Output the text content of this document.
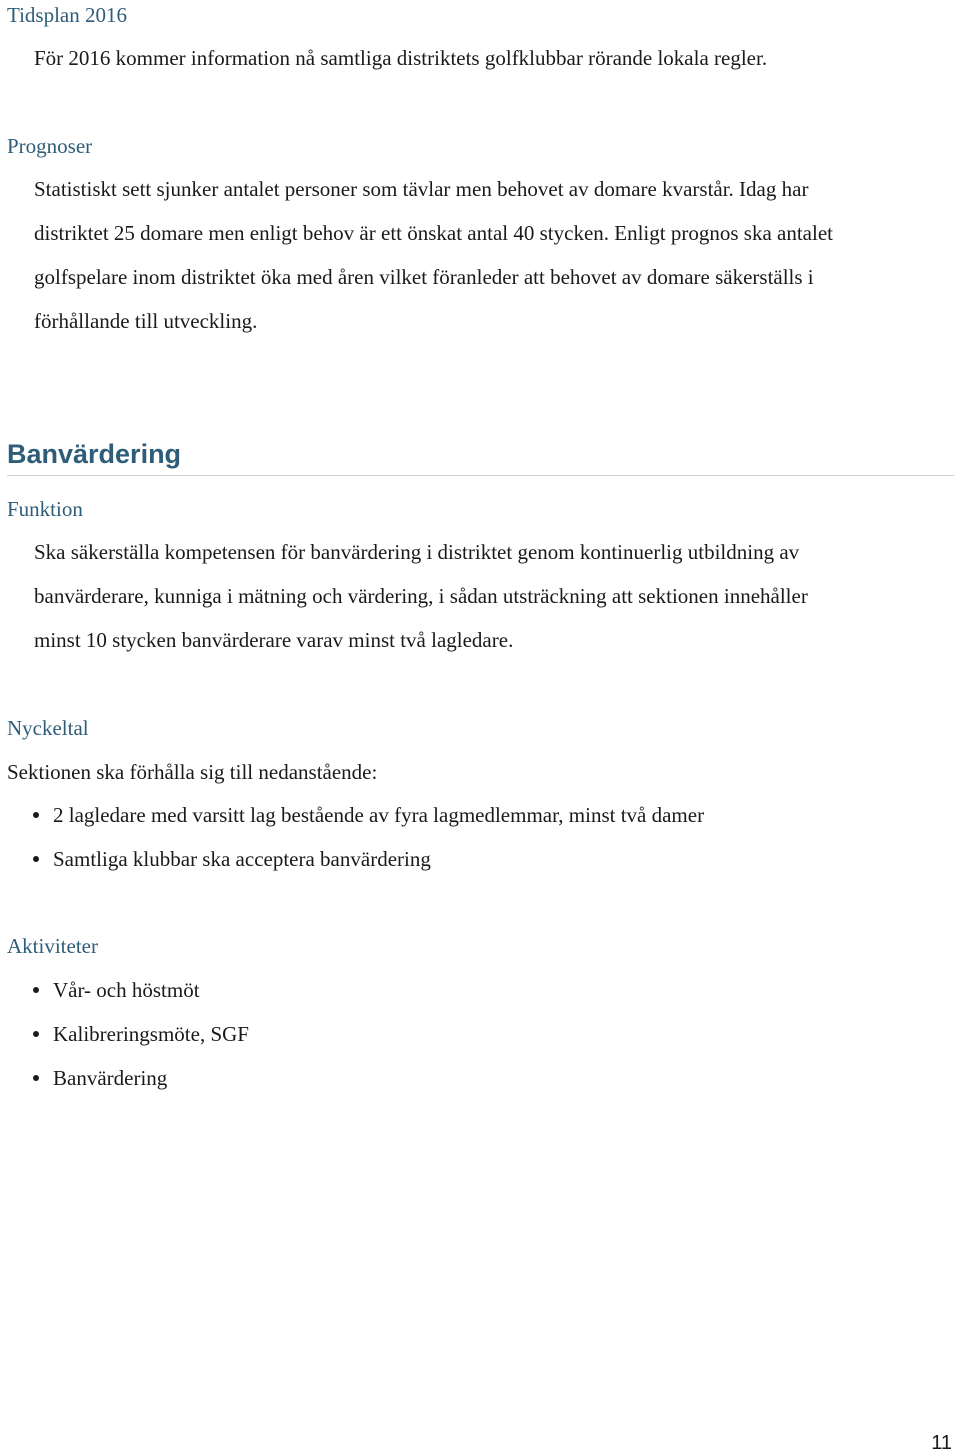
Tidsplan 2016

För 2016 kommer information nå samtliga distriktets golfklubbar rörande lokala regler.

Prognoser

Statistiskt sett sjunker antalet personer som tävlar men behovet av domare kvarstår. Idag har
distriktet 25 domare men enligt behov är ett önskat antal 40 stycken. Enligt prognos ska antalet
golfspelare inom distriktet öka med åren vilket föranleder att behovet av domare säkerställs i
förhållande till utveckling.

Banvärdering
Funktion

Ska säkerställa kompetensen för banvärdering i distriktet genom kontinuerlig utbildning av
banvärderare, kunniga i mätning och värdering, i sådan utsträckning att sektionen innehåller
minst 10 stycken banvärderare varav minst två lagledare.

Nyckeltal

Sektionen ska förhålla sig till nedanstående:

2 lagledare med varsitt lag bestående av fyra lagmedlemmar, minst två damer
Samtliga klubbar ska acceptera banvärdering
Aktiviteter
Vår- och höstmöt
Kalibreringsmöte, SGF
Banvärdering

11
